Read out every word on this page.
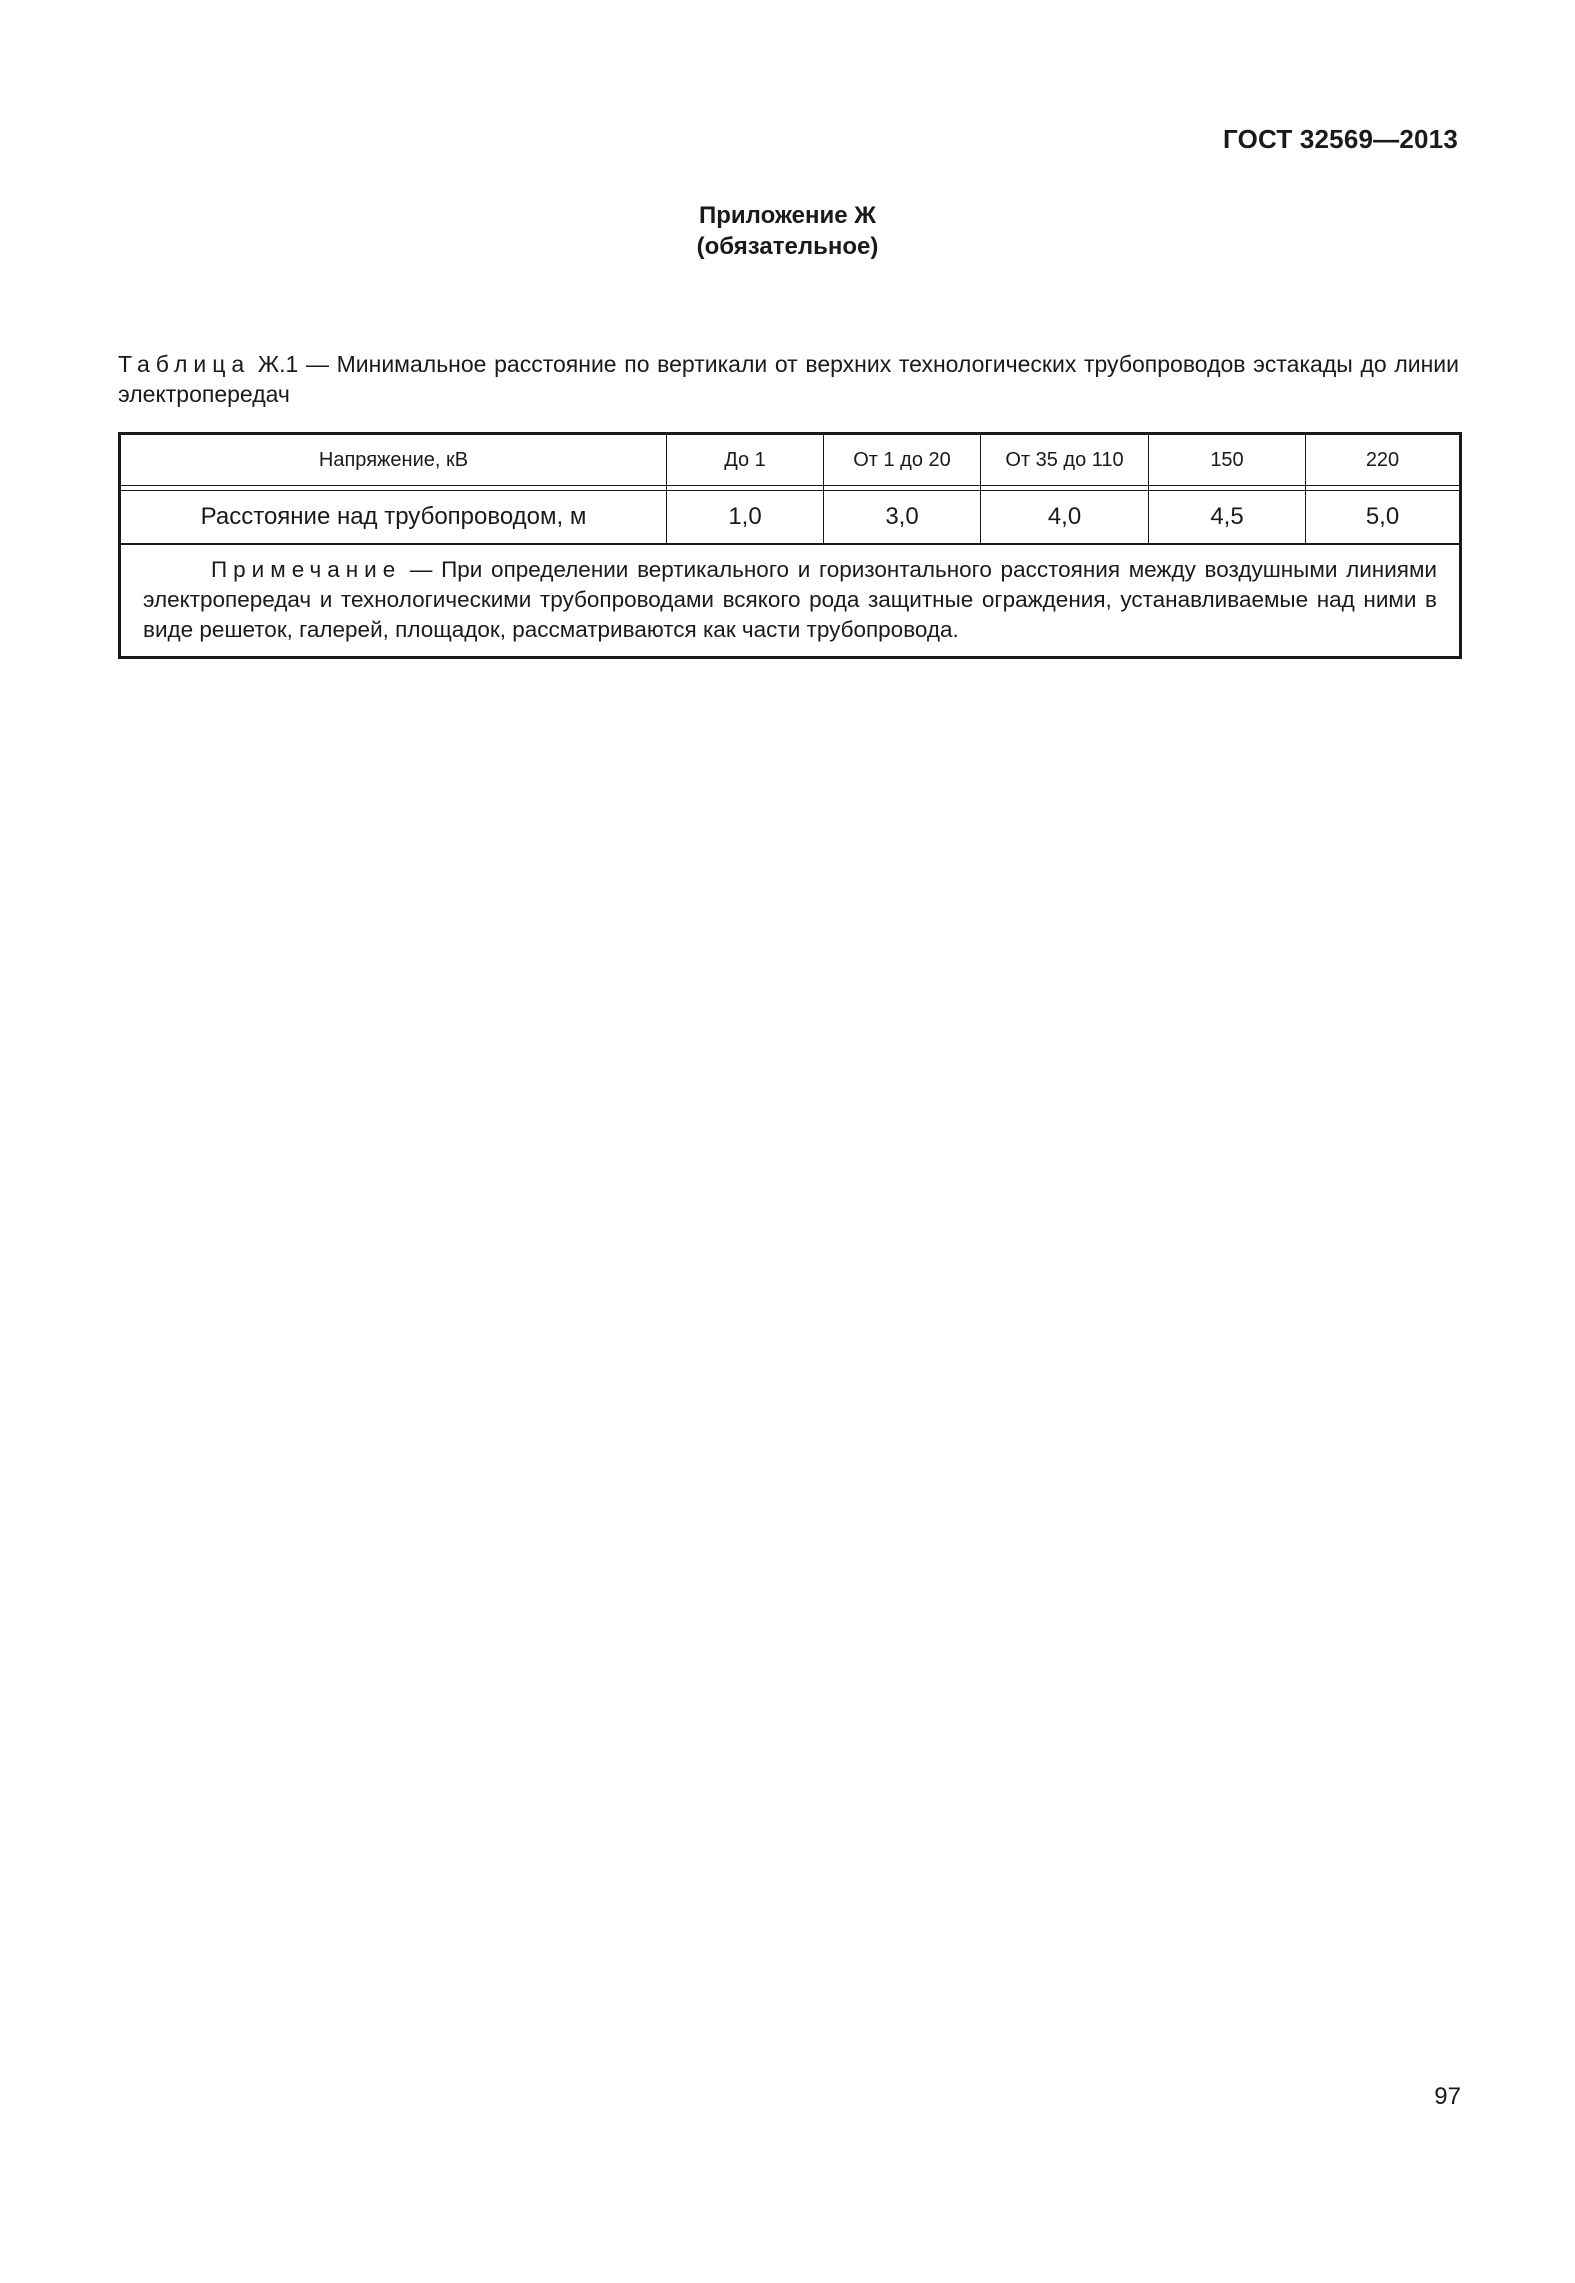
ГОСТ 32569—2013
Приложение Ж
(обязательное)
Таблица Ж.1 — Минимальное расстояние по вертикали от верхних технологических трубопроводов эстакады до линии электропередач
Напряжение, кВ	До 1	От 1 до 20	От 35 до 110	150	220

Расстояние над трубопроводом, м	1,0	3,0	4,0	4,5	5,0
Примечание — При определении вертикального и горизонтального расстояния между воздушными линиями электропередач и технологическими трубопроводами всякого рода защитные ограждения, устанавливаемые над ними в виде решеток, галерей, площадок, рассматриваются как части трубопровода.					
97
